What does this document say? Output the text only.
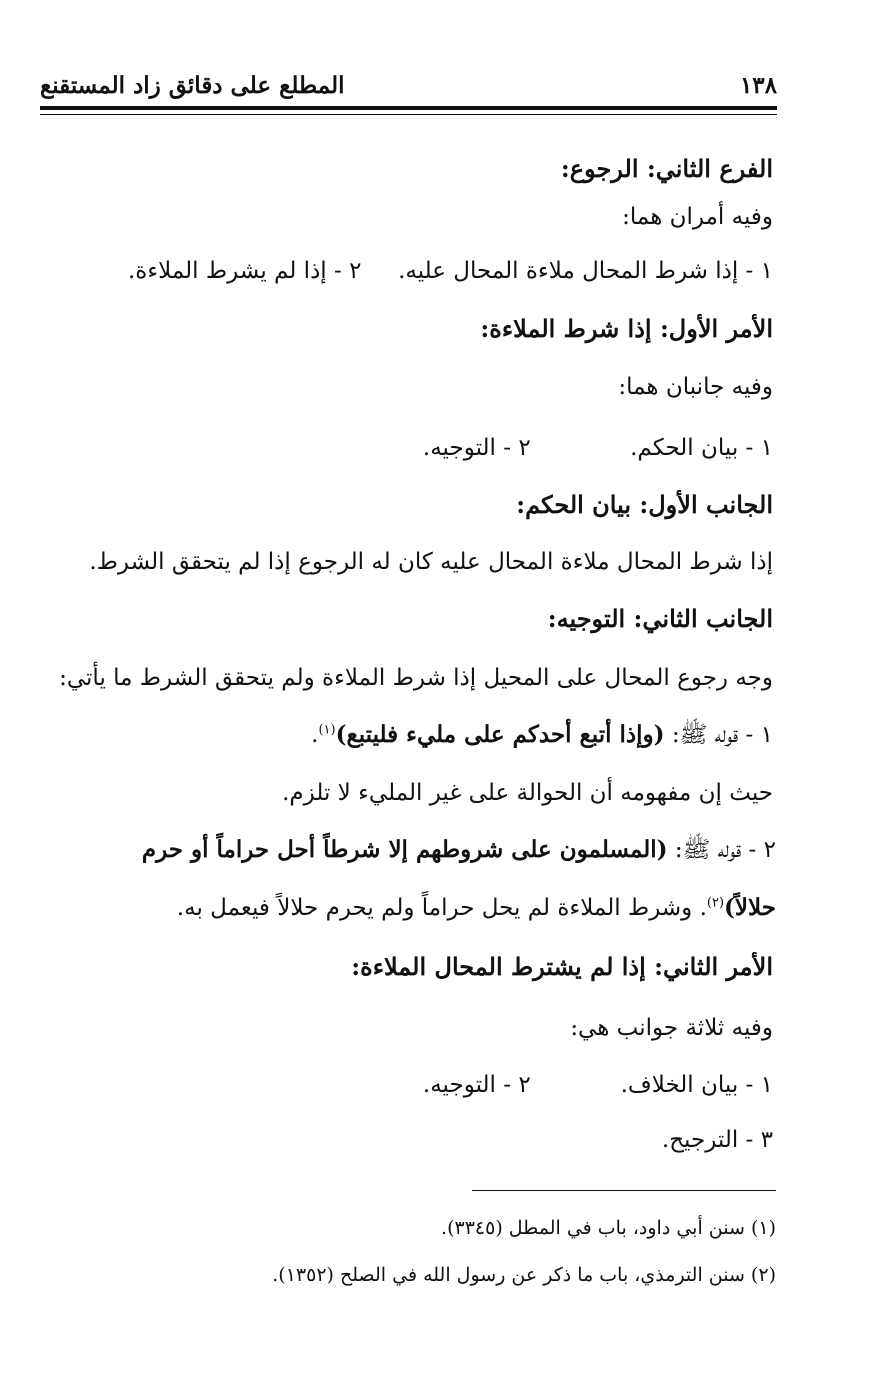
١٣٨
المطلع على دقائق زاد المستقنع
الفرع الثاني: الرجوع:
وفيه أمران هما:
١ - إذا شرط المحال ملاءة المحال عليه.  ٢ - إذا لم يشرط الملاءة.
الأمر الأول: إذا شرط الملاءة:
وفيه جانبان هما:
١ - بيان الحكم. ٢ - التوجيه.
الجانب الأول: بيان الحكم:
إذا شرط المحال ملاءة المحال عليه كان له الرجوع إذا لم يتحقق الشرط.
الجانب الثاني: التوجيه:
وجه رجوع المحال على المحيل إذا شرط الملاءة ولم يتحقق الشرط ما يأتي:
١ - قوله ﷺ: (وإذا أتبع أحدكم على مليء فليتبع)$^{(١)}$.
حيث إن مفهومه أن الحوالة على غير المليء لا تلزم.
٢ - قوله ﷺ: (المسلمون على شروطهم إلا شرطاً أحل حراماً أو حرم
حلالاً)$^{(٢)}$. وشرط الملاءة لم يحل حراماً ولم يحرم حلالاً فيعمل به.
الأمر الثاني: إذا لم يشترط المحال الملاءة:
وفيه ثلاثة جوانب هي:
١ - بيان الخلاف. ٢ - التوجيه.
٣ - الترجيح.
(١) سنن أبي داود، باب في المطل (٣٣٤٥).
(٢) سنن الترمذي، باب ما ذكر عن رسول الله في الصلح (١٣٥٢).
